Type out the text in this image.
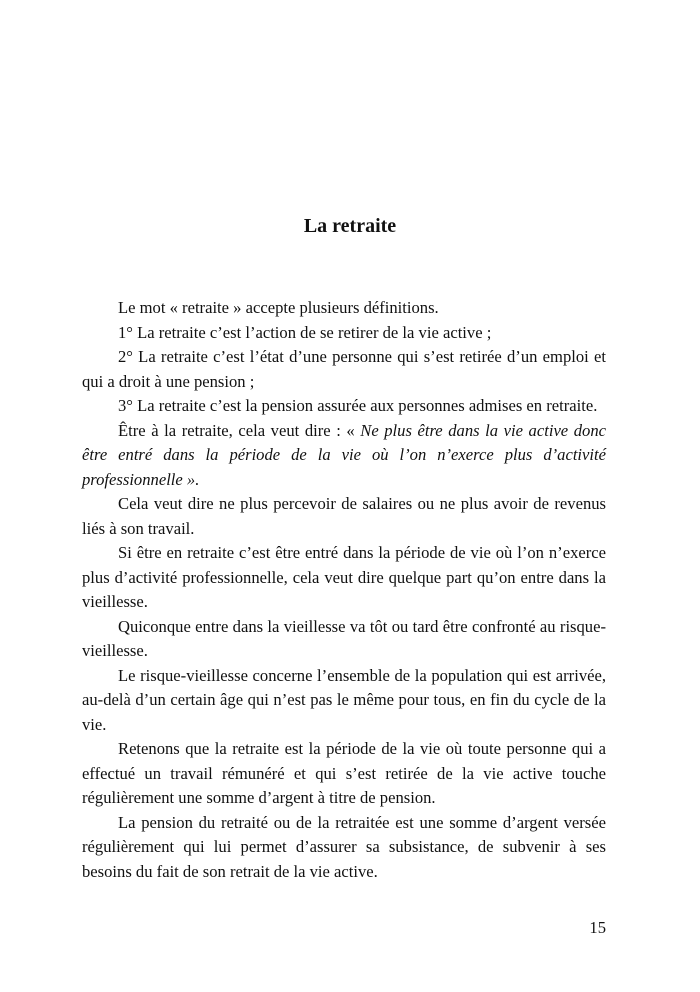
La retraite

Le mot « retraite » accepte plusieurs définitions.

1° La retraite c’est l’action de se retirer de la vie active ;

2° La retraite c’est l’état d’une personne qui s’est retirée d’un emploi et qui a droit à une pension ;

3° La retraite c’est la pension assurée aux personnes admises en retraite.

Être à la retraite, cela veut dire : « Ne plus être dans la vie active donc être entré dans la période de la vie où l’on n’exerce plus d’activité professionnelle ».

Cela veut dire ne plus percevoir de salaires ou ne plus avoir de revenus liés à son travail.

Si être en retraite c’est être entré dans la période de vie où l’on n’exerce plus d’activité professionnelle, cela veut dire quelque part qu’on entre dans la vieillesse.

Quiconque entre dans la vieillesse va tôt ou tard être confronté au risque-vieillesse.

Le risque-vieillesse concerne l’ensemble de la population qui est arrivée, au-delà d’un certain âge qui n’est pas le même pour tous, en fin du cycle de la vie.

Retenons que la retraite est la période de la vie où toute personne qui a effectué un travail rémunéré et qui s’est retirée de la vie active touche régulièrement une somme d’argent à titre de pension.

La pension du retraité ou de la retraitée est une somme d’argent versée régulièrement qui lui permet d’assurer sa subsistance, de subvenir à ses besoins du fait de son retrait de la vie active.

15
